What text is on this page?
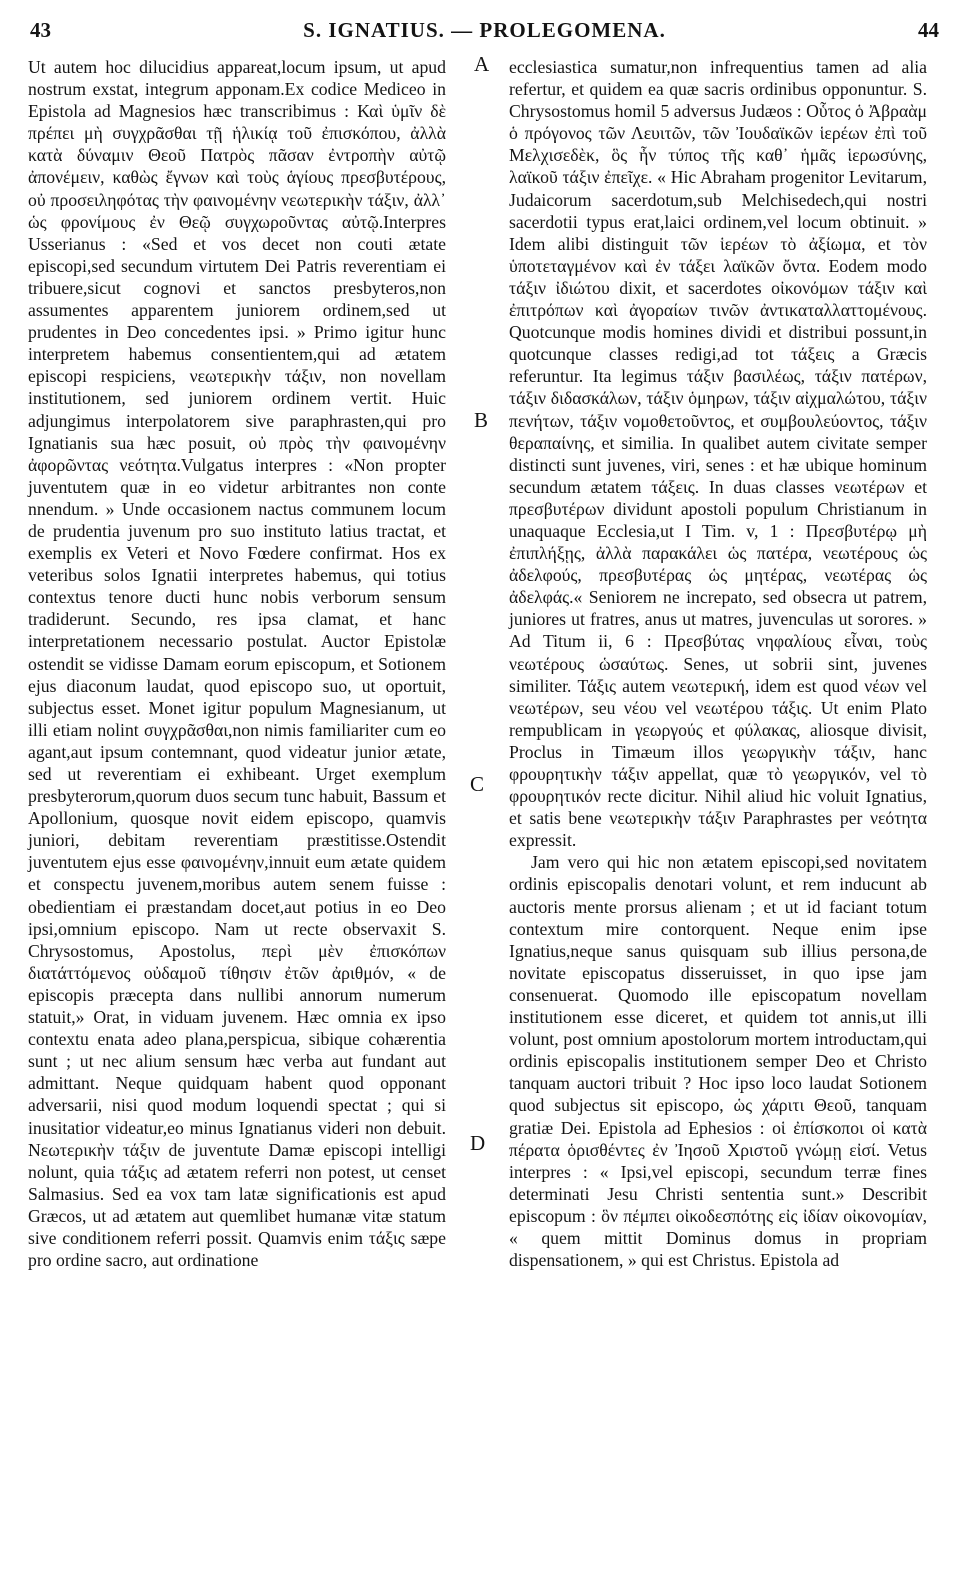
43	S. IGNATIUS. — PROLEGOMENA.	44
A
B
C
D

Ut autem hoc dilucidius appareat,locum ipsum, ut apud nostrum exstat, integrum apponam.Ex codice Mediceo in Epistola ad Magnesios hæc transcribimus : Καὶ ὑμῖν δὲ πρέπει μὴ συγχρᾶσθαι τῇ ἡλικίᾳ τοῦ ἐπισκόπου, ἀλλὰ κατὰ δύναμιν Θεοῦ Πατρὸς πᾶσαν ἐντροπὴν αὐτῷ ἀπονέμειν, καθὼς ἔγνων καὶ τοὺς ἁγίους πρεσβυτέρους, οὐ προσειληφότας τὴν φαινομένην νεωτερικὴν τάξιν, ἀλλ᾽ ὡς φρονίμους ἐν Θεῷ συγχωροῦντας αὐτῷ.Interpres Usserianus : «Sed et vos decet non couti ætate episcopi,sed secundum virtutem Dei Patris reverentiam ei tribuere,sicut cognovi et sanctos presbyteros,non assumentes apparentem juniorem ordinem,sed ut prudentes in Deo concedentes ipsi. » Primo igitur hunc interpretem habemus consentientem,qui ad ætatem episcopi respiciens, νεωτερικὴν τάξιν, non novellam institutionem, sed juniorem ordinem vertit. Huic adjungimus interpolatorem sive paraphrasten,qui pro Ignatianis sua hæc posuit, οὐ πρὸς τὴν φαινομένην ἀφορῶντας νεότητα.Vulgatus interpres : «Non propter juventutem quæ in eo videtur arbitrantes non conte nnendum. » Unde occasionem nactus communem locum de prudentia juvenum pro suo instituto latius tractat, et exemplis ex Veteri et Novo Fœdere confirmat. Hos ex veteribus solos Ignatii interpretes habemus, qui totius contextus tenore ducti hunc nobis verborum sensum tradiderunt. Secundo, res ipsa clamat, et hanc interpretationem necessario postulat. Auctor Epistolæ ostendit se vidisse Damam eorum episcopum, et Sotionem ejus diaconum laudat, quod episcopo suo, ut oportuit, subjectus esset. Monet igitur populum Magnesianum, ut illi etiam nolint συγχρᾶσθαι,non nimis familiariter cum eo agant,aut ipsum contemnant, quod videatur junior ætate, sed ut reverentiam ei exhibeant. Urget exemplum presbyterorum,quorum duos secum tunc habuit, Bassum et Apollonium, quosque novit eidem episcopo, quamvis juniori, debitam reverentiam præstitisse.Ostendit juventutem ejus esse φαινομένην,innuit eum ætate quidem et conspectu juvenem,moribus autem senem fuisse : obedientiam ei præstandam docet,aut potius in eo Deo ipsi,omnium episcopo. Nam ut recte observaxit S. Chrysostomus, Apostolus, περὶ μὲν ἐπισκόπων διατάττόμενος οὐδαμοῦ τίθησιν ἐτῶν ἀριθμόν, « de episcopis præcepta dans nullibi annorum numerum statuit,» Orat, in viduam juvenem. Hæc omnia ex ipso contextu enata adeo plana,perspicua, sibique cohærentia sunt ; ut nec alium sensum hæc verba aut fundant aut admittant. Neque quidquam habent quod opponant adversarii, nisi quod modum loquendi spectat ; qui si inusitatior videatur,eo minus Ignatianus videri non debuit. Νεωτερικὴν τάξιν de juventute Damæ episcopi intelligi nolunt, quia τάξις ad ætatem referri non potest, ut censet Salmasius. Sed ea vox tam latæ significationis est apud Græcos, ut ad ætatem aut quemlibet humanæ vitæ statum sive conditionem referri possit. Quamvis enim τάξις sæpe pro ordine sacro, aut ordinatione

ecclesiastica sumatur,non infrequentius tamen ad alia refertur, et quidem ea quæ sacris ordinibus opponuntur. S. Chrysostomus homil 5 adversus Judæos : Οὗτος ὁ Ἀβραὰμ ὁ πρόγονος τῶν Λευιτῶν, τῶν Ἰουδαϊκῶν ἱερέων ἐπὶ τοῦ Μελχισεδὲκ, ὃς ἦν τύπος τῆς καθ᾽ ἡμᾶς ἱερωσύνης, λαϊκοῦ τάξιν ἐπεῖχε. « Hic Abraham progenitor Levitarum, Judaicorum sacerdotum,sub Melchisedech,qui nostri sacerdotii typus erat,laici ordinem,vel locum obtinuit. » Idem alibi distinguit τῶν ἱερέων τὸ ἀξίωμα, et τὸν ὑποτεταγμένον καὶ ἐν τάξει λαϊκῶν ὄντα. Eodem modo τάξιν ἰδιώτου dixit, et sacerdotes οἰκονόμων τάξιν καὶ ἐπιτρόπων καὶ ἀγοραίων τινῶν ἀντικαταλλαττομένους. Quotcunque modis homines dividi et distribui possunt,in quotcunque classes redigi,ad tot τάξεις a Græcis referuntur. Ita legimus τάξιν βασιλέως, τάξιν πατέρων, τάξιν διδασκάλων, τάξιν ὁμηρων, τάξιν αἰχμαλώτου, τάξιν πενήτων, τάξιν νομοθετοῦντος, et συμβουλεύοντος, τάξιν θεραπαίνης, et similia. In qualibet autem civitate semper distincti sunt juvenes, viri, senes : et hæ ubique hominum secundum ætatem τάξεις. In duas classes νεωτέρων et πρεσβυτέρων dividunt apostoli populum Christianum in unaquaque Ecclesia,ut I Tim. v, 1 : Πρεσβυτέρῳ μὴ ἐπιπλήξῃς, ἀλλὰ παρακάλει ὡς πατέρα, νεωτέρους ὡς ἀδελφούς, πρεσβυτέρας ὡς μητέρας, νεωτέρας ὡς ἀδελφάς.« Seniorem ne increpato, sed obsecra ut patrem, juniores ut fratres, anus ut matres, juvenculas ut sorores. » Ad Titum ii, 6 : Πρεσβύτας νηφαλίους εἶναι, τοὺς νεωτέρους ὡσαύτως. Senes, ut sobrii sint, juvenes similiter. Τάξις autem νεωτερική, idem est quod νέων vel νεωτέρων, seu νέου vel νεωτέρου τάξις. Ut enim Plato rempublicam in γεωργούς et φύλακας, aliosque divisit, Proclus in Timæum illos γεωργικὴν τάξιν, hanc φρουρητικὴν τάξιν appellat, quæ τὸ γεωργικόν, vel τὸ φρουρητικόν recte dicitur. Nihil aliud hic voluit Ignatius, et satis bene νεωτερικὴν τάξιν Paraphrastes per νεότητα expressit.

Jam vero qui hic non ætatem episcopi,sed novitatem ordinis episcopalis denotari volunt, et rem inducunt ab auctoris mente prorsus alienam ; et ut id faciant totum contextum mire contorquent. Neque enim ipse Ignatius,neque sanus quisquam sub illius persona,de novitate episcopatus disseruisset, in quo ipse jam consenuerat. Quomodo ille episcopatum novellam institutionem esse diceret, et quidem tot annis,ut illi volunt, post omnium apostolorum mortem introductam,qui ordinis episcopalis institutionem semper Deo et Christo tanquam auctori tribuit ? Hoc ipso loco laudat Sotionem quod subjectus sit episcopo, ὡς χάριτι Θεοῦ, tanquam gratiæ Dei. Epistola ad Ephesios : οἱ ἐπίσκοποι οἱ κατὰ πέρατα ὁρισθέντες ἐν Ἰησοῦ Χριστοῦ γνώμῃ εἰσί. Vetus interpres : « Ipsi,vel episcopi, secundum terræ fines determinati Jesu Christi sententia sunt.» Describit episcopum : ὃν πέμπει οἰκοδεσπότης εἰς ἰδίαν οἰκονομίαν, « quem mittit Dominus domus in propriam dispensationem, » qui est Christus. Epistola ad
